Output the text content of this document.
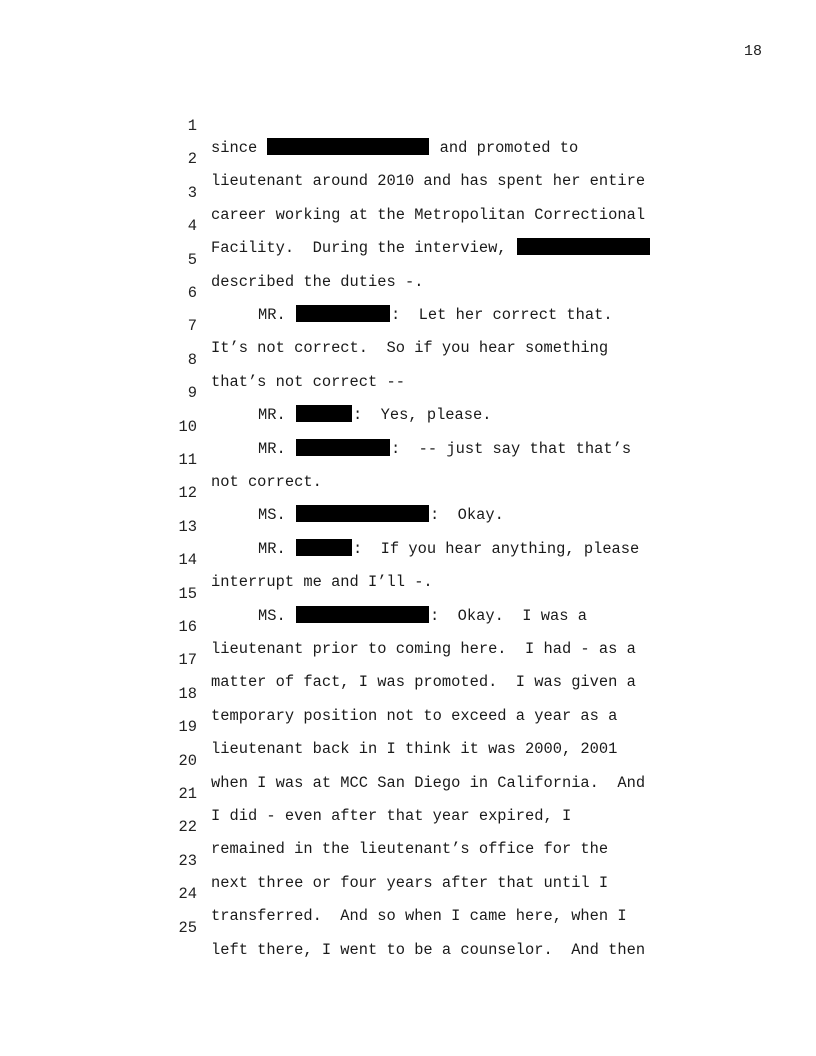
18

1

since	and promoted to

2

lieutenant around 2010 and has spent her entire

3

career working at the Metropolitan Correctional

4

Facility.  During the interview,

5

described the duties -.

6

MR.	:  Let her correct that.

7

It’s not correct.  So if you hear something

8

that’s not correct --

9

MR.	:  Yes, please.

10

MR.	:  -- just say that that’s

11

not correct.

12

MS.	:  Okay.

13

MR.	:  If you hear anything, please

14

interrupt me and I’ll -.

15

MS.	:  Okay.  I was a

16

lieutenant prior to coming here.  I had - as a

17

matter of fact, I was promoted.  I was given a

18

temporary position not to exceed a year as a

19

lieutenant back in I think it was 2000, 2001

20

when I was at MCC San Diego in California.  And

21

I did - even after that year expired, I

22

remained in the lieutenant’s office for the

23

next three or four years after that until I

24

transferred.  And so when I came here, when I

25

left there, I went to be a counselor.  And then
